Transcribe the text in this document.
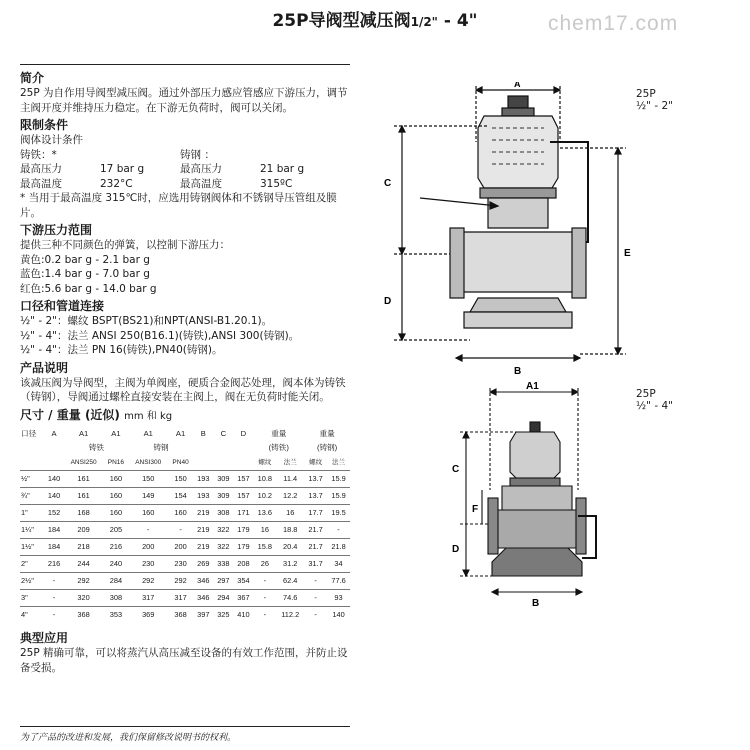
chem17.com
25P导阀型减压阀1/2" - 4"
简介
25P 为自作用导阀型减压阀。通过外部压力感应管感应下游压力，调节主阀开度并维持压力稳定。在下游无负荷时，阀可以关闭。
限制条件
阀体设计条件
铸铁：*	铸钢 ：
最高压力	17 bar g	最高压力	21 bar g
最高温度	232°C	最高温度	315ºC
* 当用于最高温度 315℃时，应选用铸钢阀体和不锈钢导压管组及膜片。
下游压力范围
提供三种不同颜色的弹簧，以控制下游压力：
黄色:0.2 bar g - 2.1 bar g
蓝色:1.4 bar g - 7.0 bar g
红色:5.6 bar g - 14.0 bar g
口径和管道连接
½" - 2"：螺纹 BSPT(BS21)和NPT(ANSI-B1.20.1)。
½" - 4"：法兰 ANSI 250(B16.1)(铸铁),ANSI 300(铸钢)。
½" - 4"：法兰 PN 16(铸铁),PN40(铸钢)。
产品说明
该减压阀为导阀型，主阀为单阀座，硬质合金阀芯处理，阀本体为铸铁（铸钢），导阀通过螺栓直接安装在主阀上，阀在无负荷时能关闭。
尺寸 / 重量 (近似) mm 和 kg
口径	A	A1	A1	A1	A1	B	C	D	重量		重量	
		铸铁		铸钢					(铸铁)		(铸钢)	
		ANSI250	PN16	ANSI300	PN40				螺纹	法兰	螺纹	法兰
½"	140	161	160	150	150	193	309	157	10.8	11.4	13.7	15.9
¾"	140	161	160	149	154	193	309	157	10.2	12.2	13.7	15.9
1"	152	168	160	160	160	219	308	171	13.6	16	17.7	19.5
1¼"	184	209	205	-	-	219	322	179	16	18.8	21.7	-
1½"	184	218	216	200	200	219	322	179	15.8	20.4	21.7	21.8
2"	216	244	240	230	230	269	338	208	26	31.2	31.7	34
2½"	-	292	284	292	292	346	297	354	-	62.4	-	77.6
3"	-	320	308	317	317	346	294	367	-	74.6	-	93
4"	-	368	353	369	368	397	325	410	-	112.2	-	140
典型应用
25P 精确可靠，可以将蒸汽从高压减至设备的有效工作范围，并防止设备受损。
为了产品的改进和发展，我们保留修改说明书的权利。
25P
½" - 2"
A
C
D
E
B
25P
½" - 4"
A1
C
F
D
B
